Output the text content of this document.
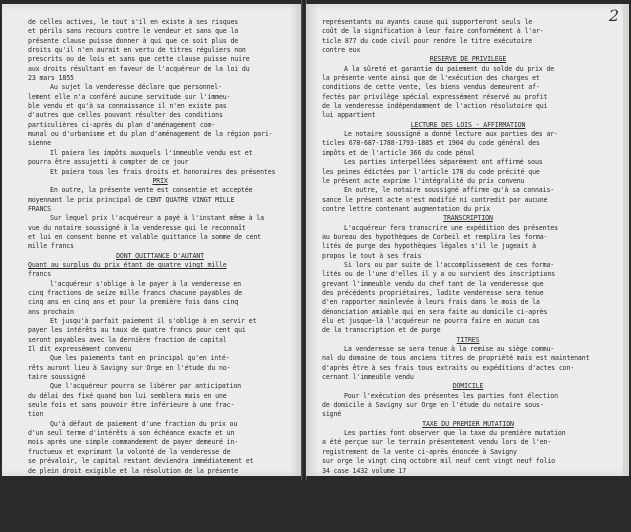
de celles actives, le tout s'il en existe à ses risques
et périls sans recours contre le vendeur et sans que la
présente clause puisse donner à qui que ce soit plus de
droits qu'il n'en aurait en vertu de titres réguliers non
prescrits ou de lois et sans que cette clause puisse nuire
aux droits résultant en faveur de l'acquéreur de la loi du
23 mars 1855
Au sujet la venderesse déclare que personnel-
lement elle n'a conféré aucune servitude sur l'immeu-
ble vendu et qu'à sa connaissance il n'en existe pas
d'autres que celles pouvant résulter des conditions
particulières ci-après du plan d'aménagement com-
munal ou d'urbanisme et du plan d'aménagement de la région pari-
sienne
Il paiera les impôts auxquels l'immeuble vendu est et
pourra être assujetti à compter de ce jour
Et paiera tous les frais droits et honoraires des présentes
PRIX
En outre, la présente vente est consentie et acceptée
moyennant le prix principal de CENT QUATRE VINGT MILLE
FRANCS
Sur lequel prix l'acquéreur a payé à l'instant même à la
vue du notaire soussigné à la venderesse qui le reconnaît
et lui en consent bonne et valable quittance la somme de cent
mille francs
DONT QUITTANCE D'AUTANT
Quant au surplus du prix étant de quatre vingt mille
francs
l'acquéreur s'oblige à le payer à la venderesse en
cinq fractions de seize mille francs chacune payables de
cinq ans en cinq ans et pour la première fois dans cinq
ans prochain
Et jusqu'à parfait paiement il s'oblige à en servir et
payer les intérêts au taux de quatre francs pour cent qui
seront payables avec la dernière fraction de capital
Il dit expressément convenu
Que les paiements tant en principal qu'en inté-
rêts auront lieu à Savigny sur Orge en l'étude du no-
taire soussigné
Que l'acquéreur pourra se libérer par anticipation
du délai des fixé quand bon lui semblera mais en une
seule fois et sans pouvoir être inférieure à une frac-
tion
Qu'à défaut de paiement d'une fraction du prix ou
d'un seul terme d'intérêts à son échéance exacte et un
mois après une simple commandement de payer demeuré in-
fructueux et exprimant la volonté de la venderesse de
se prévaloir, le capital restant deviendra immédiatement et
de plein droit exigible et la résolution de la présente
vente sera faite si bon semble à la venderesse
Et qu'en cas de décès de l'acquéreur avant le
paiement intégral du prix de la présente vente il y au-
ra solidarité et indivisibilité entre ses - héritiers
2
représentants ou ayants cause qui supporteront seuls le
coût de la signification à leur faire conformément à l'ar-
ticle 877 du code civil pour rendre le titre exécutoire
contre eux
RESERVE DE PRIVILEGE
A la sûreté et garantie du paiement du solde du prix de
la présente vente ainsi que de l'exécution des charges et
conditions de cette vente, les biens vendus demeurent af-
fectés par privilège spécial expressément réservé au profit
de la venderesse indépendamment de l'action résolutoire qui
lui appartient
LECTURE DES LOIS - AFFIRMATION
Le notaire soussigné a donné lecture aux parties des ar-
ticles 678-687-1788-1793-1885 et 1904 du code général des
impôts et de l'article 366 du code pénal
Les parties interpellées séparément ont affirmé sous
les peines édictées par l'article 178 du code précité que
le présent acte exprime l'intégralité du prix convenu
En outre, le notaire soussigné affirme qu'à sa connais-
sance le présent acte n'est modifié ni contredit par aucune
contre lettre contenant augmentation du prix
TRANSCRIPTION
L'acquéreur fera transcrire une expédition des présentes
au bureau des hypothèques de Corbeil et remplira les forma-
lités de purge des hypothèques légales s'il le jugeait à
propos le tout à ses frais
Si lors ou par suite de l'accomplissement de ces forma-
lités ou de l'une d'elles il y a ou survient des inscriptions
grevant l'immeuble vendu du chef tant de la venderesse que
des précédents propriétaires, ladite venderesse sera tenue
d'en rapporter mainlevée à leurs frais dans le mois de la
dénonciation amiable qui en sera faite au domicile ci-après
élu et jusque-là l'acquéreur ne pourra faire en aucun cas
de la transcription et de purge
TITRES
La venderesse se sera tenue à la remise au siège commu-
nal du domaine de tous anciens titres de propriété mais est maintenant
d'après être à ses frais tous extraits ou expéditions d'actes con-
cernant l'immeuble vendu
DOMICILE
Pour l'exécution des présentes les parties font élection
de domicile à Savigny sur Orge en l'étude du notaire sous-
signé
TAXE DU PREMIER MUTATION
Les parties font observer que la taxe du première mutation
a été perçue sur le terrain présentement vendu lors de l'en-
registrement de la vente ci-après énoncée à Savigny
sur orge le vingt cinq octobre mil neuf cent vingt neuf folio
34 case 1432 volume 17
ETAT CIVIL
La venderesse déclare
Qu'elle n'est pas et n'a jamais été en état de faillite
liquidation judiciaire ou cessation de paiement et qu'elle
n'a jamais été admise à bénéficier des dispositions du règlement
des bel heiles honoloms
